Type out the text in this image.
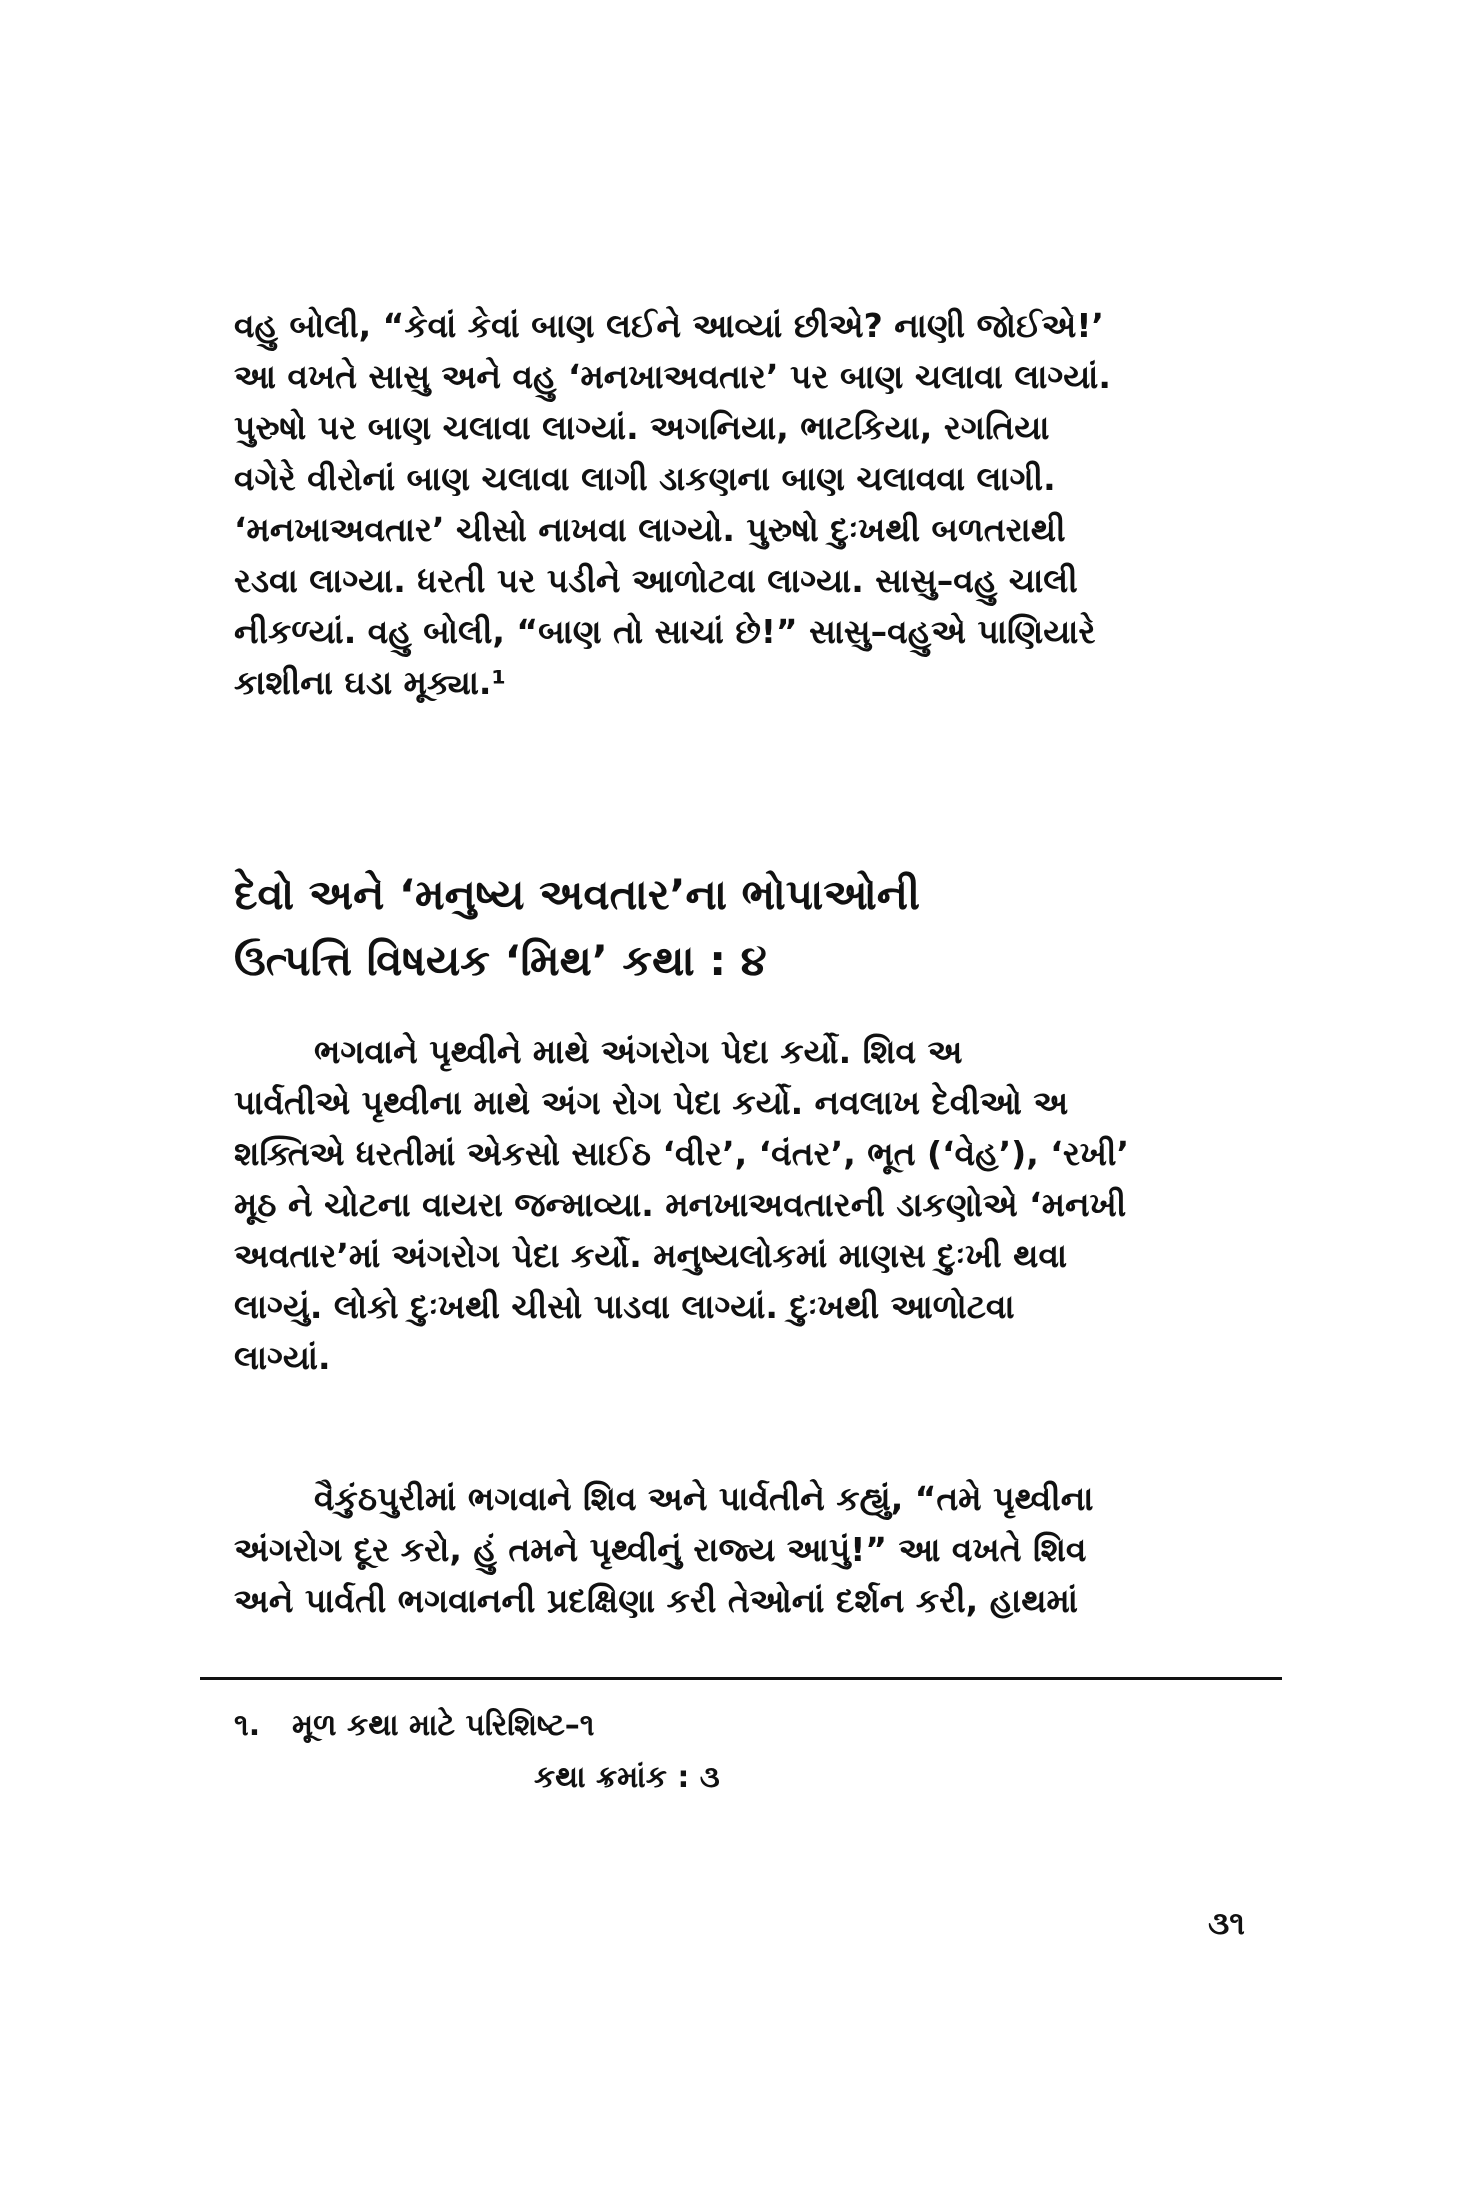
વહુ બોલી, “કેવાં કેવાં બાણ લઈને આવ્યાં છીએ? નાણી જોઈએ!’

આ વખતે સાસુ અને વહુ ‘મનખાઅવતાર’ પર બાણ ચલાવા લાગ્યાં.

પુરુષો પર બાણ ચલાવા લાગ્યાં. અગનિયા, ભાટકિયા, રગતિયા

વગેરે વીરોનાં બાણ ચલાવા લાગી ડાકણના બાણ ચલાવવા લાગી.

‘મનખાઅવતાર’ ચીસો નાખવા લાગ્યો. પુરુષો દુઃખથી બળતરાથી

રડવા લાગ્યા. ધરતી પર પડીને આળોટવા લાગ્યા. સાસુ–વહુ ચાલી

નીકળ્યાં. વહુ બોલી, “બાણ તો સાચાં છે!” સાસુ–વહુએ પાણિયારે

કાશીના ઘડા મૂક્યા.¹

દેવો અને ‘મનુષ્ય અવતાર’ના ભોપાઓની

ઉત્પત્તિ વિષયક ‘મિથ’ કથા : ૪

ભગવાને પૃથ્વીને માથે અંગરોગ પેદા કર્યો. શિવ અ

પાર્વતીએ પૃથ્વીના માથે અંગ રોગ પેદા કર્યો. નવલાખ દેવીઓ અ

શક્તિએ ધરતીમાં એકસો સાઈઠ ‘વીર’, ‘વંતર’, ભૂત (‘વેહ’), ‘રખી’

મૂઠ ને ચોટના વાયરા જન્માવ્યા. મનખાઅવતારની ડાકણોએ ‘મનખી

અવતાર’માં અંગરોગ પેદા કર્યો. મનુષ્યલોકમાં માણસ દુઃખી થવા

લાગ્યું. લોકો દુઃખથી ચીસો પાડવા લાગ્યાં. દુઃખથી આળોટવા

લાગ્યાં.

વૈકુંઠપુરીમાં ભગવાને શિવ અને પાર્વતીને કહ્યું, “તમે પૃથ્વીના

અંગરોગ દૂર કરો, હું તમને પૃથ્વીનું રાજ્ય આપું!” આ વખતે શિવ

અને પાર્વતી ભગવાનની પ્રદક્ષિણા કરી તેઓનાં દર્શન કરી, હાથમાં

૧. મૂળ કથા માટે પરિશિષ્ટ–૧

કથા ક્રમાંક : ૩

૩૧
